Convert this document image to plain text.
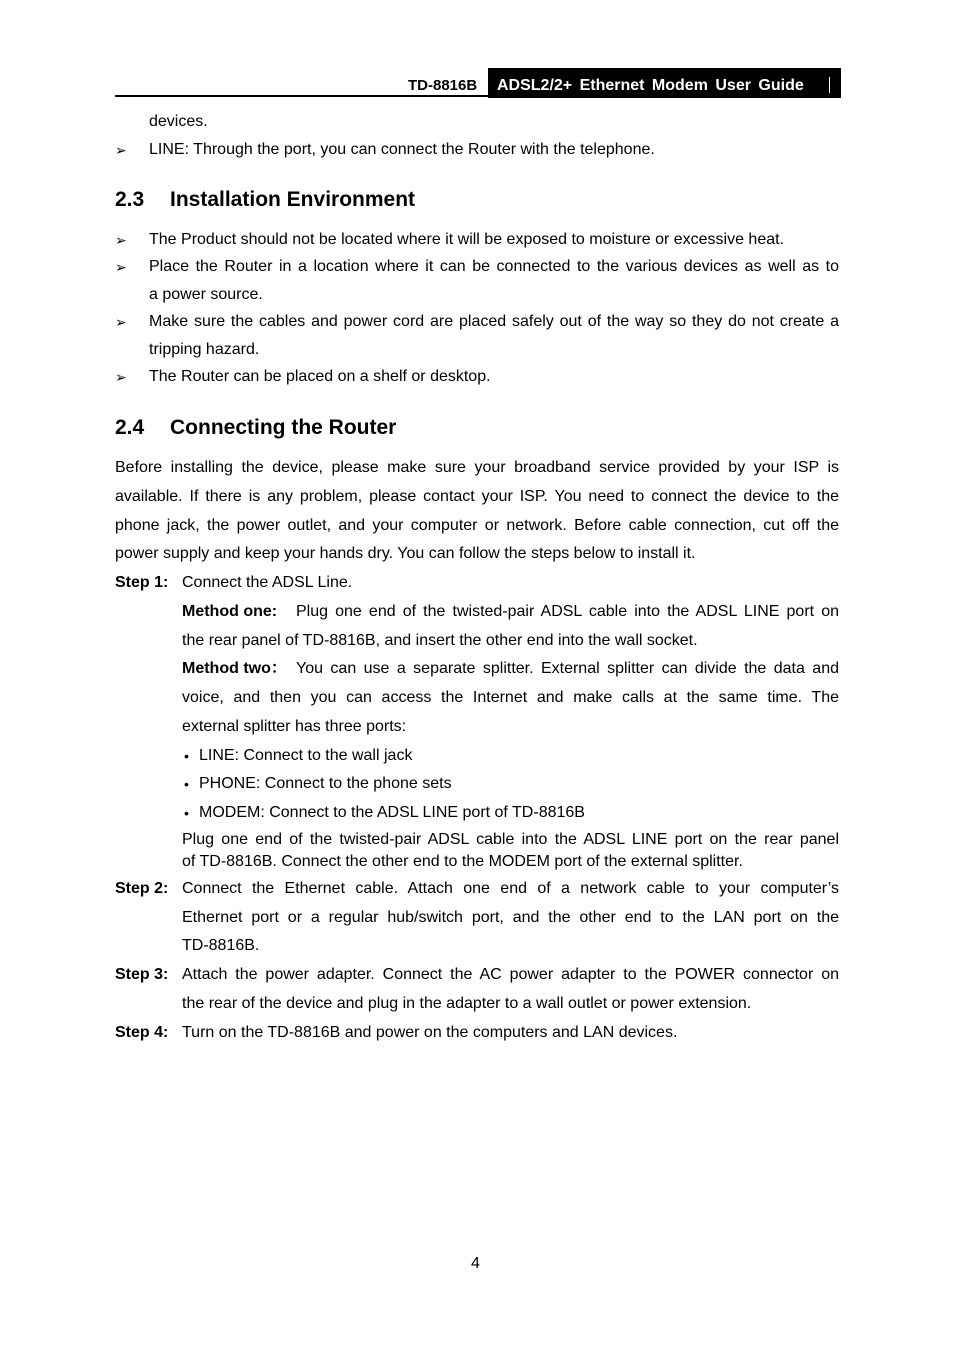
TD-8816B ADSL2/2+ Ethernet Modem User Guide
devices.
➢ LINE: Through the port, you can connect the Router with the telephone.
2.3 Installation Environment
➢ The Product should not be located where it will be exposed to moisture or excessive heat.
➢ Place the Router in a location where it can be connected to the various devices as well as to
a power source.
➢ Make sure the cables and power cord are placed safely out of the way so they do not create a
tripping hazard.
➢ The Router can be placed on a shelf or desktop.
2.4 Connecting the Router
Before installing the device, please make sure your broadband service provided by your ISP is
available. If there is any problem, please contact your ISP. You need to connect the device to the
phone jack, the power outlet, and your computer or network. Before cable connection, cut off the
power supply and keep your hands dry. You can follow the steps below to install it.
Step 1: Connect the ADSL Line.
Method one: Plug one end of the twisted-pair ADSL cable into the ADSL LINE port on
the rear panel of TD-8816B, and insert the other end into the wall socket.
Method two： You can use a separate splitter. External splitter can divide the data and
voice, and then you can access the Internet and make calls at the same time. The
external splitter has three ports:
• LINE: Connect to the wall jack
• PHONE: Connect to the phone sets
• MODEM: Connect to the ADSL LINE port of TD-8816B
Plug one end of the twisted-pair ADSL cable into the ADSL LINE port on the rear panel
of TD-8816B. Connect the other end to the MODEM port of the external splitter.
Step 2: Connect the Ethernet cable. Attach one end of a network cable to your computer’s
Ethernet port or a regular hub/switch port, and the other end to the LAN port on the
TD-8816B.
Step 3: Attach the power adapter. Connect the AC power adapter to the POWER connector on
the rear of the device and plug in the adapter to a wall outlet or power extension.
Step 4: Turn on the TD-8816B and power on the computers and LAN devices.
4
